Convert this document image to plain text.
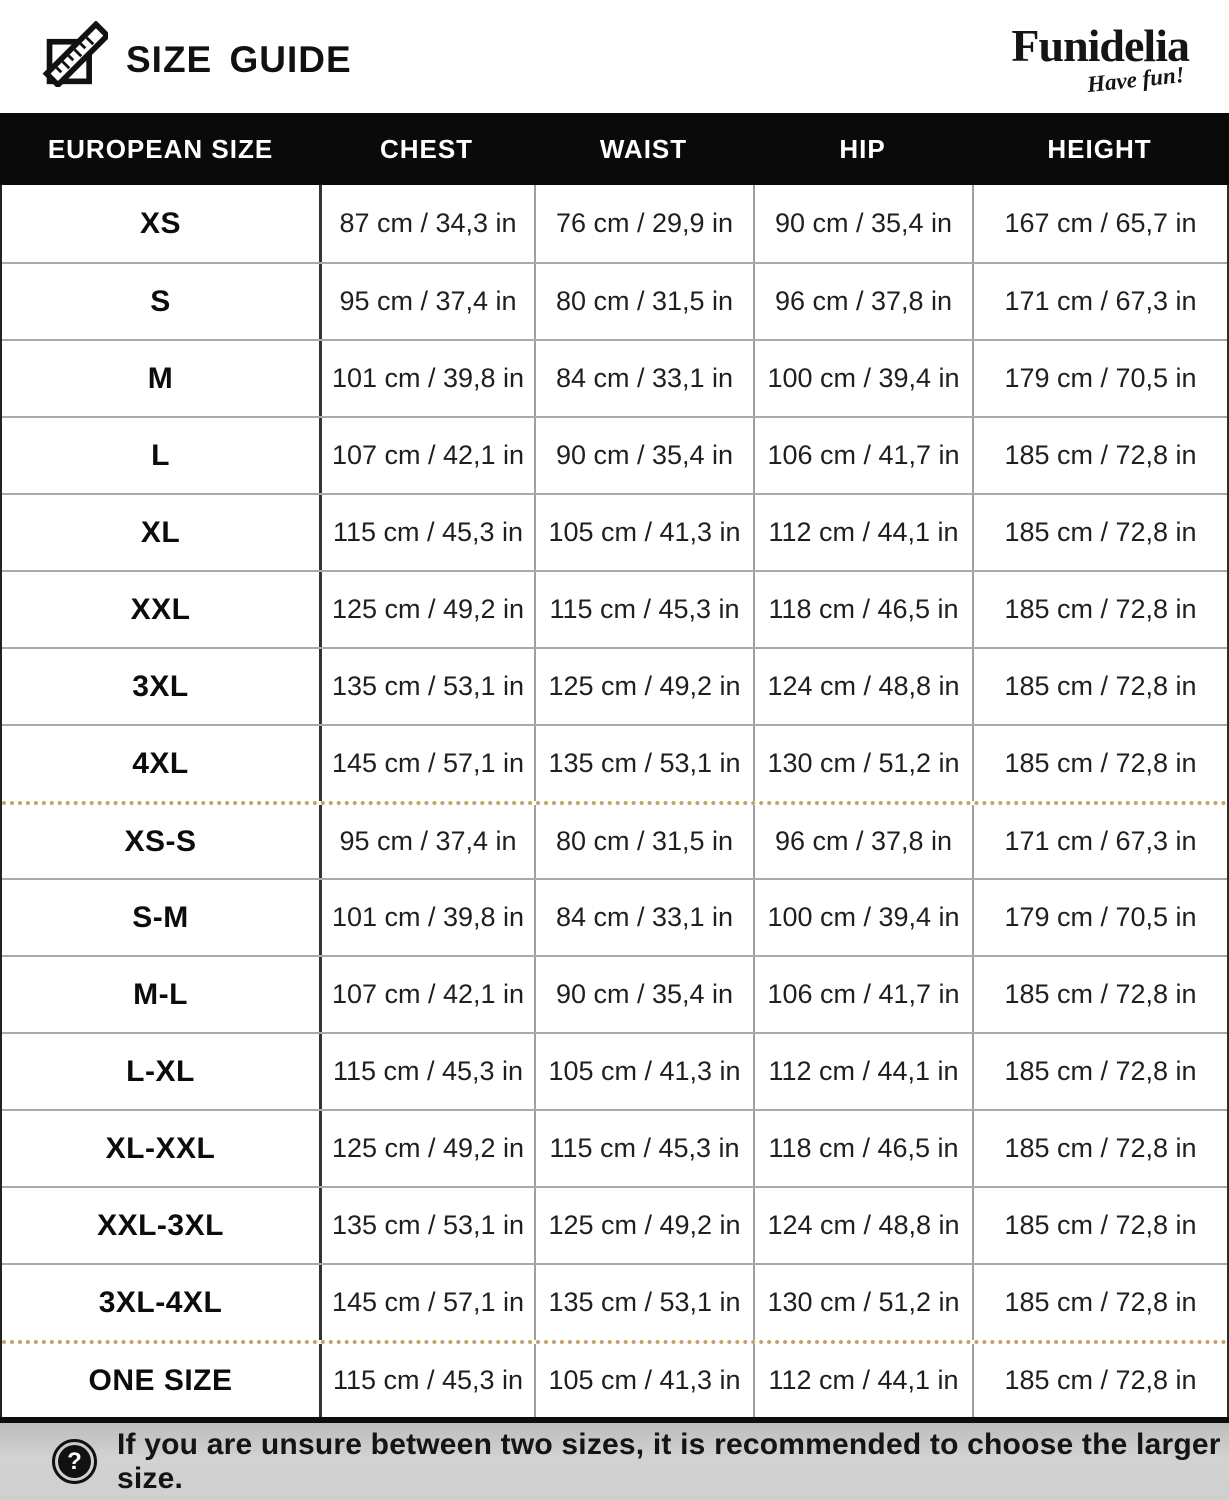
SIZE GUIDE	Funidelia
Have fun!
EUROPEAN SIZE	CHEST	WAIST	HIP	HEIGHT
XS	87 cm / 34,3 in	76 cm / 29,9 in	90 cm / 35,4 in	167 cm / 65,7 in
S	95 cm / 37,4 in	80 cm / 31,5 in	96 cm / 37,8 in	171 cm / 67,3 in
M	101 cm / 39,8 in	84 cm / 33,1 in	100 cm / 39,4 in	179 cm / 70,5 in
L	107 cm / 42,1 in	90 cm / 35,4 in	106 cm / 41,7 in	185 cm / 72,8 in
XL	115 cm / 45,3 in 105 cm / 41,3 in	112 cm / 44,1 in	185 cm / 72,8 in
XXL	125 cm / 49,2 in 115 cm / 45,3 in	118 cm / 46,5 in	185 cm / 72,8 in
3XL	135 cm / 53,1 in 125 cm / 49,2 in 124 cm / 48,8 in	185 cm / 72,8 in
4XL	145 cm / 57,1 in 135 cm / 53,1 in 130 cm / 51,2 in	185 cm / 72,8 in
XS-S	95 cm / 37,4 in	80 cm / 31,5 in	96 cm / 37,8 in	171 cm / 67,3 in
S-M	101 cm / 39,8 in	84 cm / 33,1 in	100 cm / 39,4 in	179 cm / 70,5 in
M-L	107 cm / 42,1 in	90 cm / 35,4 in	106 cm / 41,7 in	185 cm / 72,8 in
L-XL	115 cm / 45,3 in 105 cm / 41,3 in	112 cm / 44,1 in	185 cm / 72,8 in
XL-XXL	125 cm / 49,2 in 115 cm / 45,3 in	118 cm / 46,5 in	185 cm / 72,8 in
XXL-3XL	135 cm / 53,1 in 125 cm / 49,2 in 124 cm / 48,8 in	185 cm / 72,8 in
3XL-4XL	145 cm / 57,1 in 135 cm / 53,1 in 130 cm / 51,2 in	185 cm / 72,8 in
ONE SIZE	115 cm / 45,3 in 105 cm / 41,3 in	112 cm / 44,1 in	185 cm / 72,8 in
?
If you are unsure between two sizes, it is recommended to choose the larger size.
